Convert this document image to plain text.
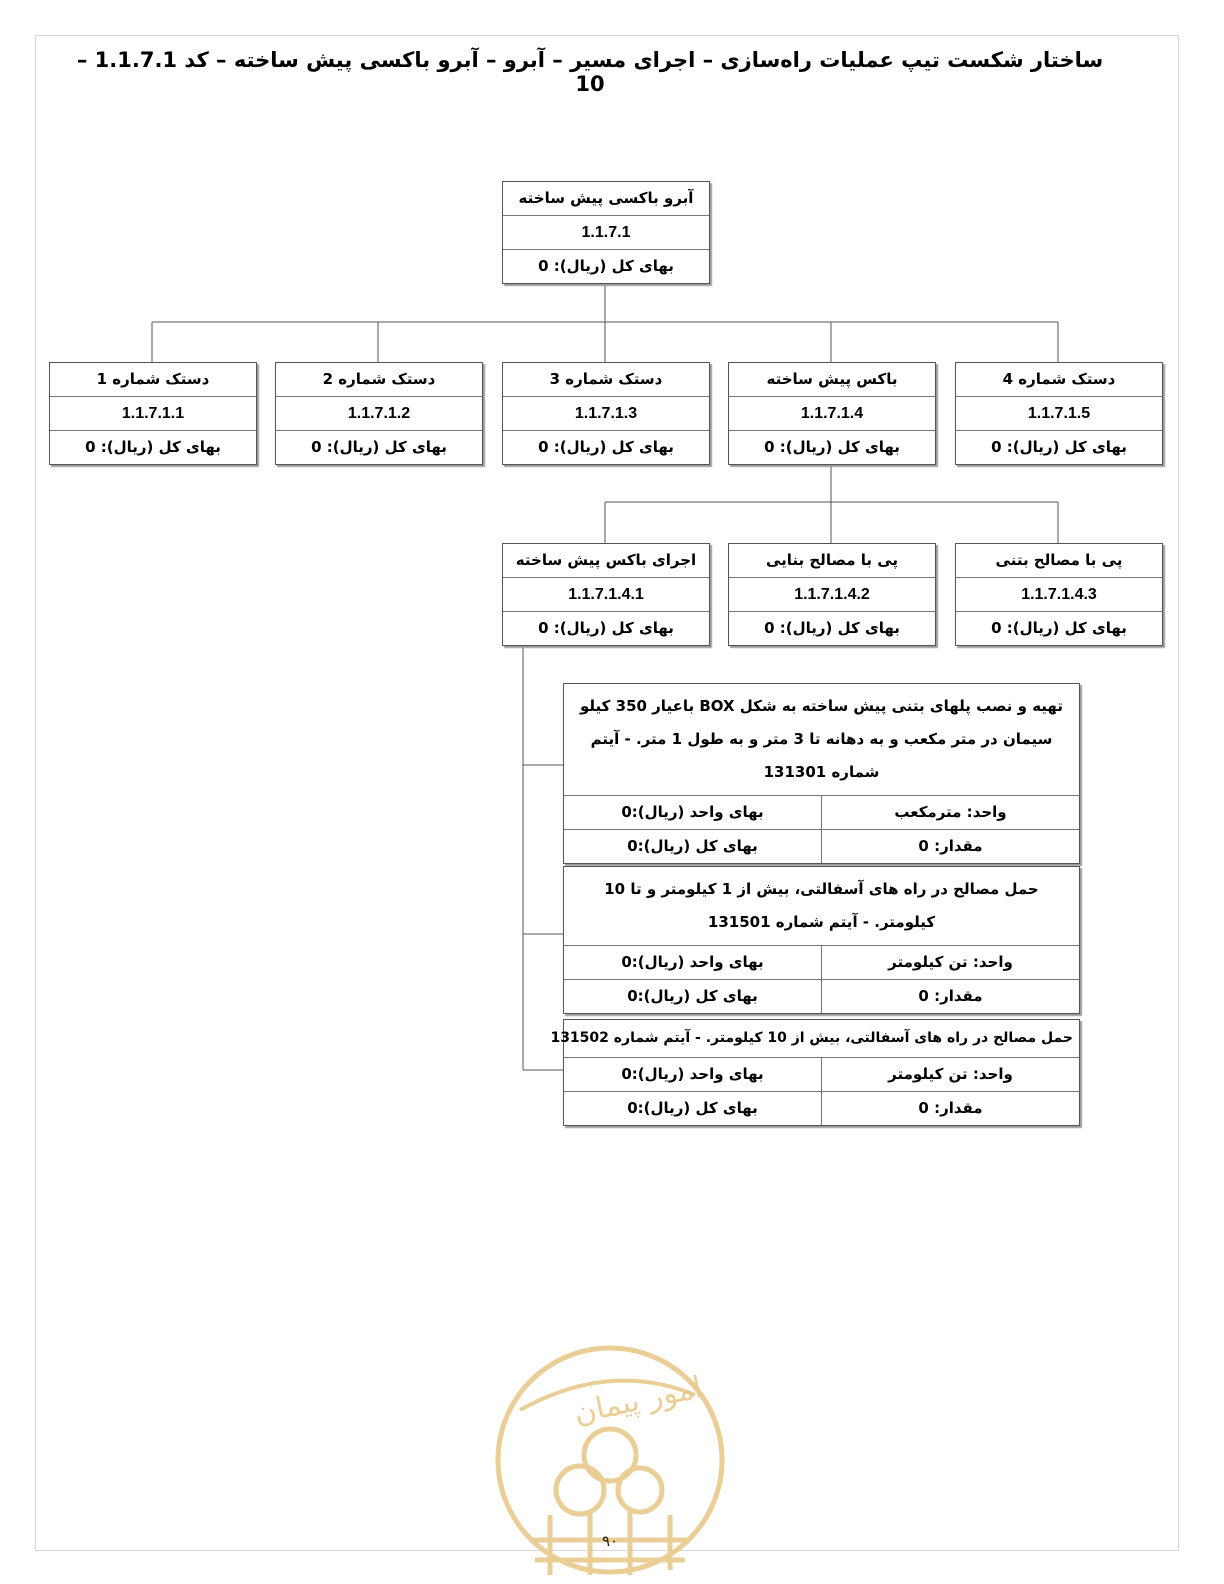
ساختار شکست تیپ عملیات راه‌سازی – اجرای مسیر – آبرو – آبرو باکسی پیش ساخته – کد 1.1.7.1 – 10
آبرو باکسی پیش ساخته
1.1.7.1
بهای کل (ریال): 0
دستک شماره 4
1.1.7.1.5
بهای کل (ریال): 0
باکس پیش ساخته
1.1.7.1.4
بهای کل (ریال): 0
دستک شماره 3
1.1.7.1.3
بهای کل (ریال): 0
دستک شماره 2
1.1.7.1.2
بهای کل (ریال): 0
دستک شماره 1
1.1.7.1.1
بهای کل (ریال): 0
پی با مصالح بتنی
1.1.7.1.4.3
بهای کل (ریال): 0
پی با مصالح بنایی
1.1.7.1.4.2
بهای کل (ریال): 0
اجرای باکس پیش ساخته
1.1.7.1.4.1
بهای کل (ریال): 0
تهیه و نصب پلهای بتنی پیش ساخته به شکل BOX باعیار 350 کیلو سیمان در متر مکعب و به دهانه تا 3 متر و به طول 1 متر. - آیتم شماره 131301
واحد: مترمکعب
بهای واحد (ریال):0
مقدار: 0
بهای کل (ریال):0
حمل مصالح در راه های آسفالتی، بیش از 1 کیلومتر و تا 10 کیلومتر. - آیتم شماره 131501
واحد: تن کیلومتر
بهای واحد (ریال):0
مقدار: 0
بهای کل (ریال):0
حمل مصالح در راه های آسفالتی، بیش از 10 کیلومتر. - آیتم شماره 131502
واحد: تن کیلومتر
بهای واحد (ریال):0
مقدار: 0
بهای کل (ریال):0
امور پیمان
۹۰
